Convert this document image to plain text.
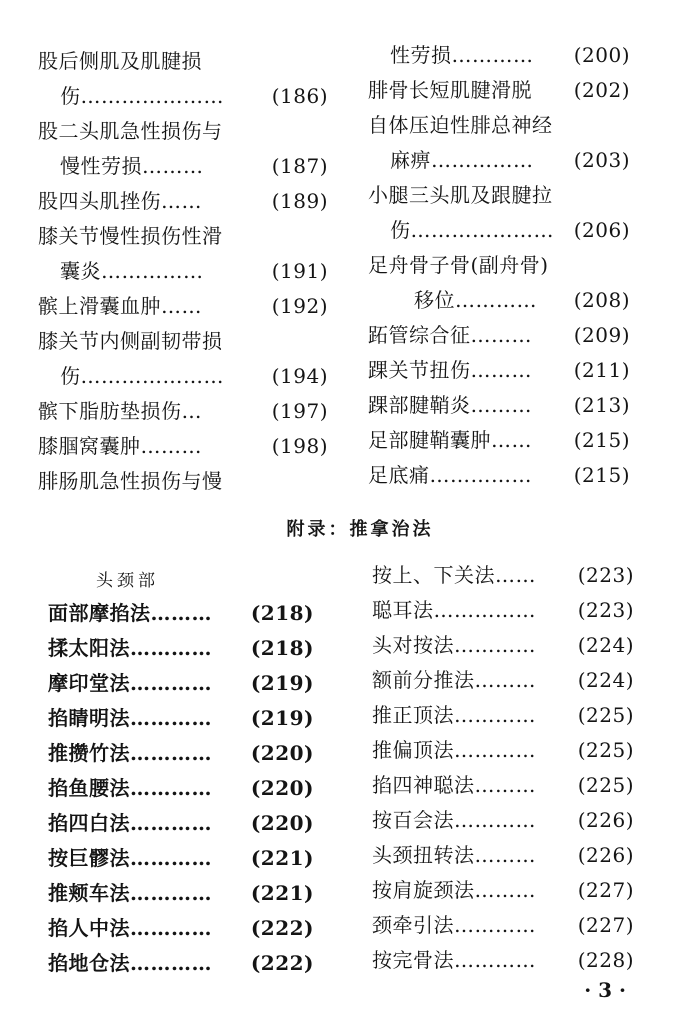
股后侧肌及肌腱损
伤………………… (186)
股二头肌急性损伤与
慢性劳损………	(187)
股四头肌挫伤……	(189)
膝关节慢性损伤性滑
囊炎……………	(191)
髌上滑囊血肿……	(192)
膝关节内侧副韧带损
伤………………… (194)
髌下脂肪垫损伤…	(197)
膝腘窝囊肿………	(198)
腓肠肌急性损伤与慢
性劳损………… (200)
腓骨长短肌腱滑脱 (202)
自体压迫性腓总神经
麻痹…………… (203)
小腿三头肌及跟腱拉
伤………………… (206)
足舟骨子骨(副舟骨)
移位………… (208)
跖管综合征……… (209)
踝关节扭伤……… (211)
踝部腱鞘炎……… (213)
足部腱鞘囊肿…… (215)
足底痛…………… (215)
附录：推拿治法
头颈部
面部摩掐法……… (218)
揉太阳法………… (218)
摩印堂法………… (219)
掐睛明法………… (219)
推攒竹法………… (220)
掐鱼腰法………… (220)
掐四白法………… (220)
按巨髎法………… (221)
推颊车法………… (221)
掐人中法………… (222)
掐地仓法………… (222)
按上、下关法…… (223)
聪耳法…………… (223)
头对按法………… (224)
额前分推法……… (224)
推正顶法………… (225)
推偏顶法………… (225)
掐四神聪法……… (225)
按百会法………… (226)
头颈扭转法……… (226)
按肩旋颈法……… (227)
颈牵引法………… (227)
按完骨法………… (228)
· 3 ·
